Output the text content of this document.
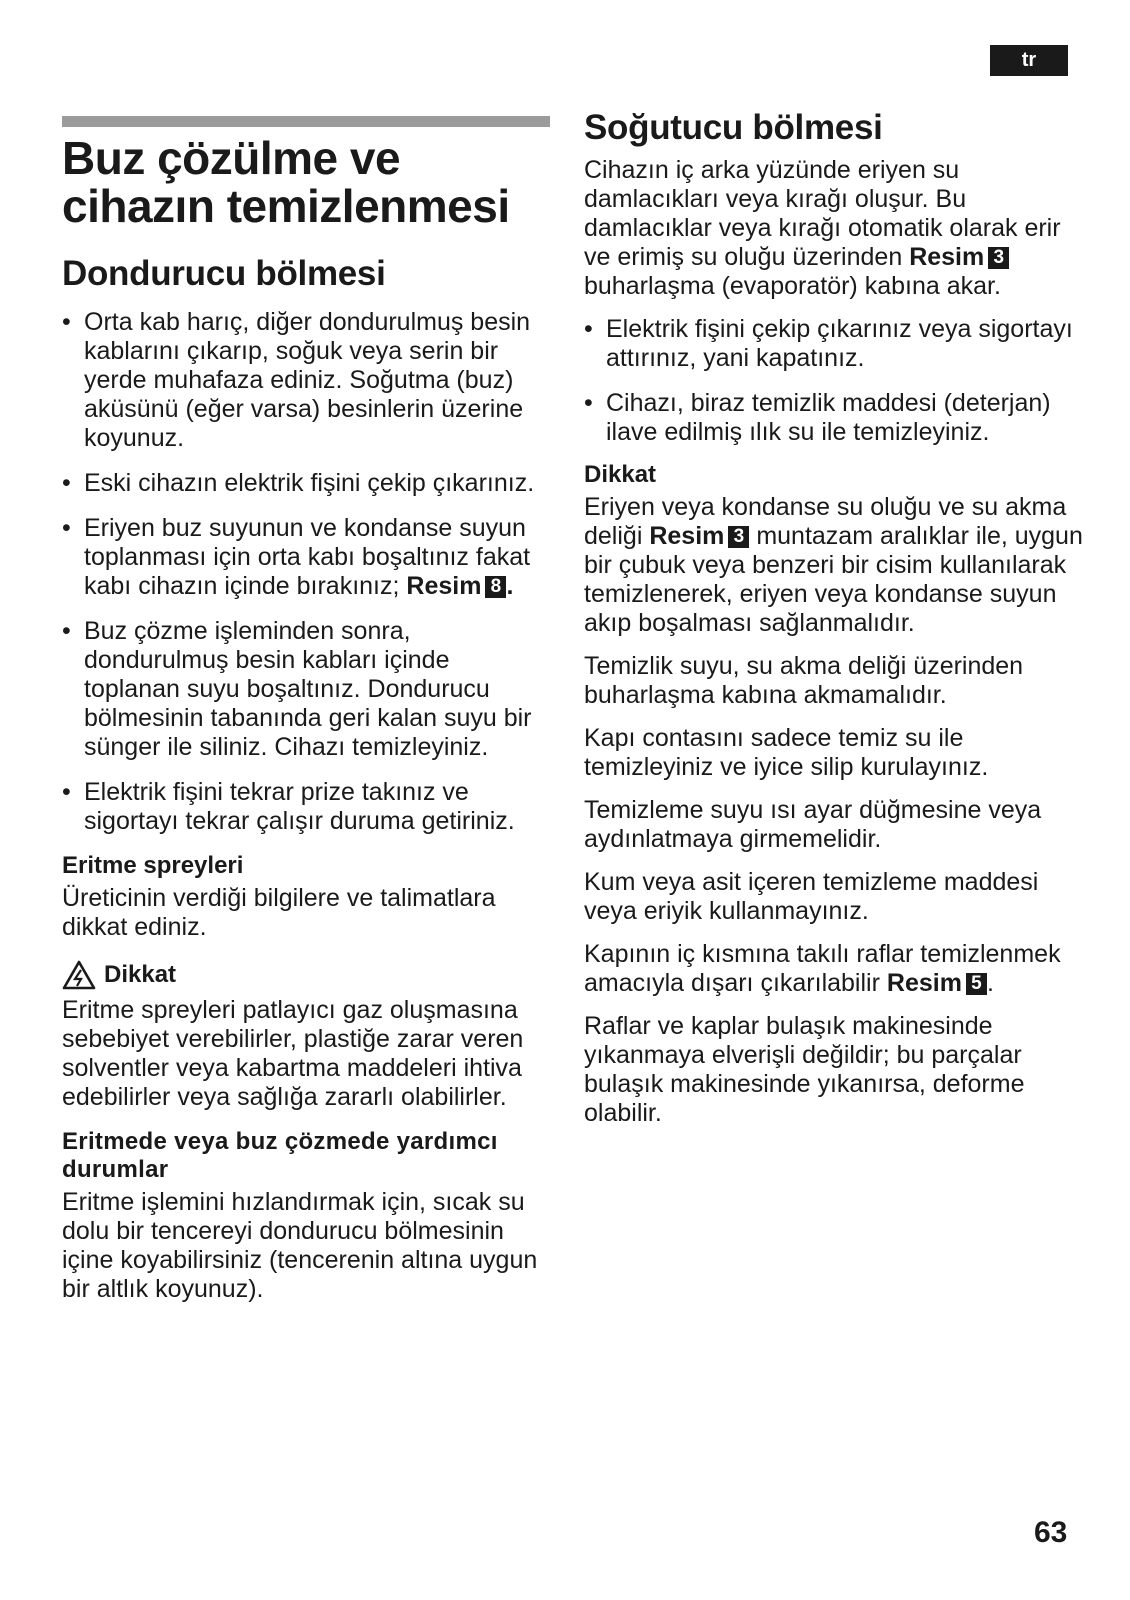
tr
Buz çözülme ve
cihazın temizlenmesi
Dondurucu bölmesi
• Orta kab harıç, diğer dondurulmuş besin kablarını çıkarıp, soğuk veya serin bir yerde muhafaza ediniz. Soğutma (buz) aküsünü (eğer varsa) besinlerin üzerine koyunuz.
• Eski cihazın elektrik fişini çekip çıkarınız.
• Eriyen buz suyunun ve kondanse suyun toplanması için orta kabı boşaltınız fakat kabı cihazın içinde bırakınız; Resim 8 .
• Buz çözme işleminden sonra, dondurulmuş besin kabları içinde toplanan suyu boşaltınız. Dondurucu bölmesinin tabanında geri kalan suyu bir sünger ile siliniz. Cihazı temizleyiniz.
• Elektrik fişini tekrar prize takınız ve sigortayı tekrar çalışır duruma getiriniz.
Eritme spreyleri

Üreticinin verdiği bilgilere ve talimatlara dikkat ediniz.

Dikkat

Eritme spreyleri patlayıcı gaz oluşmasına sebebiyet verebilirler, plastiğe zarar veren solventler veya kabartma maddeleri ihtiva edebilirler veya sağlığa zararlı olabilirler.

Eritmede veya buz çözmede yardımcı durumlar

Eritme işlemini hızlandırmak için, sıcak su dolu bir tencereyi dondurucu bölmesinin içine koyabilirsiniz (tencerenin altına uygun bir altlık koyunuz).

Soğutucu bölmesi

Cihazın iç arka yüzünde eriyen su damlacıkları veya kırağı oluşur. Bu damlacıklar veya kırağı otomatik olarak erir ve erimiş su oluğu üzerinden Resim 3 buharlaşma (evaporatör) kabına akar.

• Elektrik fişini çekip çıkarınız veya sigortayı attırınız, yani kapatınız.
• Cihazı, biraz temizlik maddesi (deterjan) ilave edilmiş ılık su ile temizleyiniz.
Dikkat

Eriyen veya kondanse su oluğu ve su akma deliği Resim 3 muntazam aralıklar ile, uygun bir çubuk veya benzeri bir cisim kullanılarak temizlenerek, eriyen veya kondanse suyun akıp boşalması sağlanmalıdır.

Temizlik suyu, su akma deliği üzerinden buharlaşma kabına akmamalıdır.

Kapı contasını sadece temiz su ile temizleyiniz ve iyice silip kurulayınız.

Temizleme suyu ısı ayar düğmesine veya aydınlatmaya girmemelidir.

Kum veya asit içeren temizleme maddesi veya eriyik kullanmayınız.

Kapının iç kısmına takılı raflar temizlenmek amacıyla dışarı çıkarılabilir Resim 5 .

Raflar ve kaplar bulaşık makinesinde yıkanmaya elverişli değildir; bu parçalar bulaşık makinesinde yıkanırsa, deforme olabilir.

63
